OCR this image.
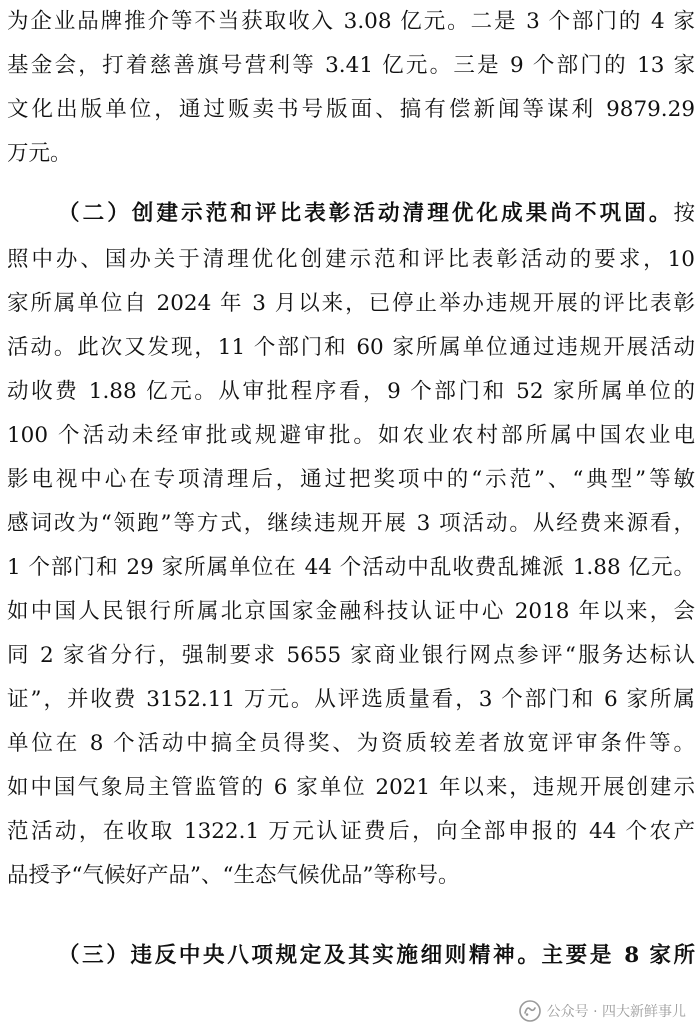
为企业品牌推介等不当获取收入 3.08 亿元。二是 3 个部门的 4 家
基金会，打着慈善旗号营利等 3.41 亿元。三是 9 个部门的 13 家
文化出版单位，通过贩卖书号版面、搞有偿新闻等谋利 9879.29
万元。
（二）创建示范和评比表彰活动清理优化成果尚不巩固。按
照中办、国办关于清理优化创建示范和评比表彰活动的要求，10
家所属单位自 2024 年 3 月以来，已停止举办违规开展的评比表彰
活动。此次又发现，11 个部门和 60 家所属单位通过违规开展活动
动收费 1.88 亿元。从审批程序看，9 个部门和 52 家所属单位的
100 个活动未经审批或规避审批。如农业农村部所属中国农业电
影电视中心在专项清理后，通过把奖项中的“示范”、“典型”等敏
感词改为“领跑”等方式，继续违规开展 3 项活动。从经费来源看，
1 个部门和 29 家所属单位在 44 个活动中乱收费乱摊派 1.88 亿元。
如中国人民银行所属北京国家金融科技认证中心 2018 年以来，会
同 2 家省分行，强制要求 5655 家商业银行网点参评“服务达标认
证”，并收费 3152.11 万元。从评选质量看，3 个部门和 6 家所属
单位在 8 个活动中搞全员得奖、为资质较差者放宽评审条件等。
如中国气象局主管监管的 6 家单位 2021 年以来，违规开展创建示
范活动，在收取 1322.1 万元认证费后，向全部申报的 44 个农产
品授予“气候好产品”、“生态气候优品”等称号。
（三）违反中央八项规定及其实施细则精神。主要是 8 家所
公众号 · 四大新鲜事儿
